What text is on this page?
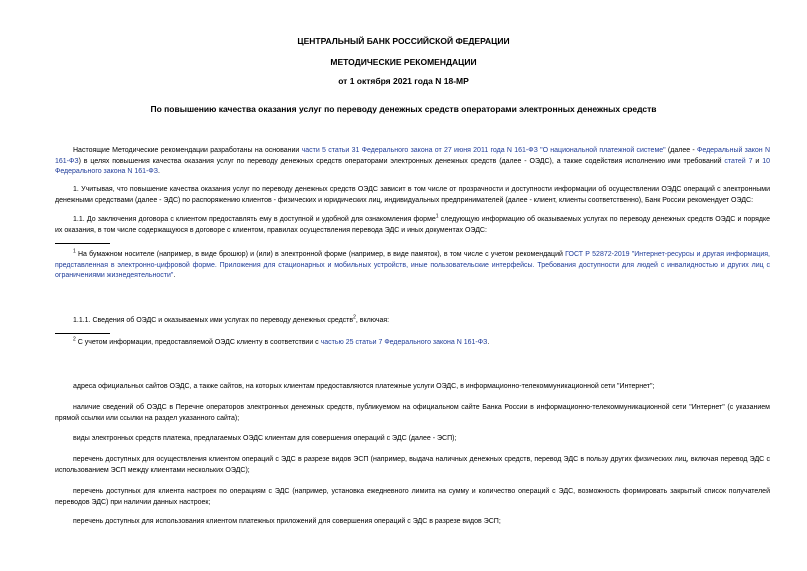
ЦЕНТРАЛЬНЫЙ БАНК РОССИЙСКОЙ ФЕДЕРАЦИИ
МЕТОДИЧЕСКИЕ РЕКОМЕНДАЦИИ
от 1 октября 2021 года N 18-МР
По повышению качества оказания услуг по переводу денежных средств операторами электронных денежных средств
Настоящие Методические рекомендации разработаны на основании части 5 статьи 31 Федерального закона от 27 июня 2011 года N 161-ФЗ "О национальной платежной системе" (далее - Федеральный закон N 161-ФЗ) в целях повышения качества оказания услуг по переводу денежных средств операторами электронных денежных средств (далее - ОЭДС), а также содействия исполнению ими требований статей 7 и 10 Федерального закона N 161-ФЗ.
1. Учитывая, что повышение качества оказания услуг по переводу денежных средств ОЭДС зависит в том числе от прозрачности и доступности информации об осуществлении ОЭДС операций с электронными денежными средствами (далее - ЭДС) по распоряжению клиентов - физических и юридических лиц, индивидуальных предпринимателей (далее - клиент, клиенты соответственно), Банк России рекомендует ОЭДС:
1.1. До заключения договора с клиентом предоставлять ему в доступной и удобной для ознакомления форме$^1$ следующую информацию об оказываемых услугах по переводу денежных средств ОЭДС и порядке их оказания, в том числе содержащуюся в договоре с клиентом, правилах осуществления перевода ЭДС и иных документах ОЭДС:
$^1$ На бумажном носителе (например, в виде брошюр) и (или) в электронной форме (например, в виде памяток), в том числе с учетом рекомендаций ГОСТ Р 52872-2019 "Интернет-ресурсы и другая информация, представленная в электронно-цифровой форме. Приложения для стационарных и мобильных устройств, иные пользовательские интерфейсы. Требования доступности для людей с инвалидностью и других лиц с ограничениями жизнедеятельности".
1.1.1. Сведения об ОЭДС и оказываемых ими услугах по переводу денежных средств$^2$, включая:
$^2$ С учетом информации, предоставляемой ОЭДС клиенту в соответствии с частью 25 статьи 7 Федерального закона N 161-ФЗ.
адреса официальных сайтов ОЭДС, а также сайтов, на которых клиентам предоставляются платежные услуги ОЭДС, в информационно-телекоммуникационной сети "Интернет";
наличие сведений об ОЭДС в Перечне операторов электронных денежных средств, публикуемом на официальном сайте Банка России в информационно-телекоммуникационной сети "Интернет" (с указанием прямой ссылки или ссылки на раздел указанного сайта);
виды электронных средств платежа, предлагаемых ОЭДС клиентам для совершения операций с ЭДС (далее - ЭСП);
перечень доступных для осуществления клиентом операций с ЭДС в разрезе видов ЭСП (например, выдача наличных денежных средств, перевод ЭДС в пользу других физических лиц, включая перевод ЭДС с использованием ЭСП между клиентами нескольких ОЭДС);
перечень доступных для клиента настроек по операциям с ЭДС (например, установка ежедневного лимита на сумму и количество операций с ЭДС, возможность формировать закрытый список получателей переводов ЭДС) при наличии данных настроек;
перечень доступных для использования клиентом платежных приложений для совершения операций с ЭДС в разрезе видов ЭСП;
